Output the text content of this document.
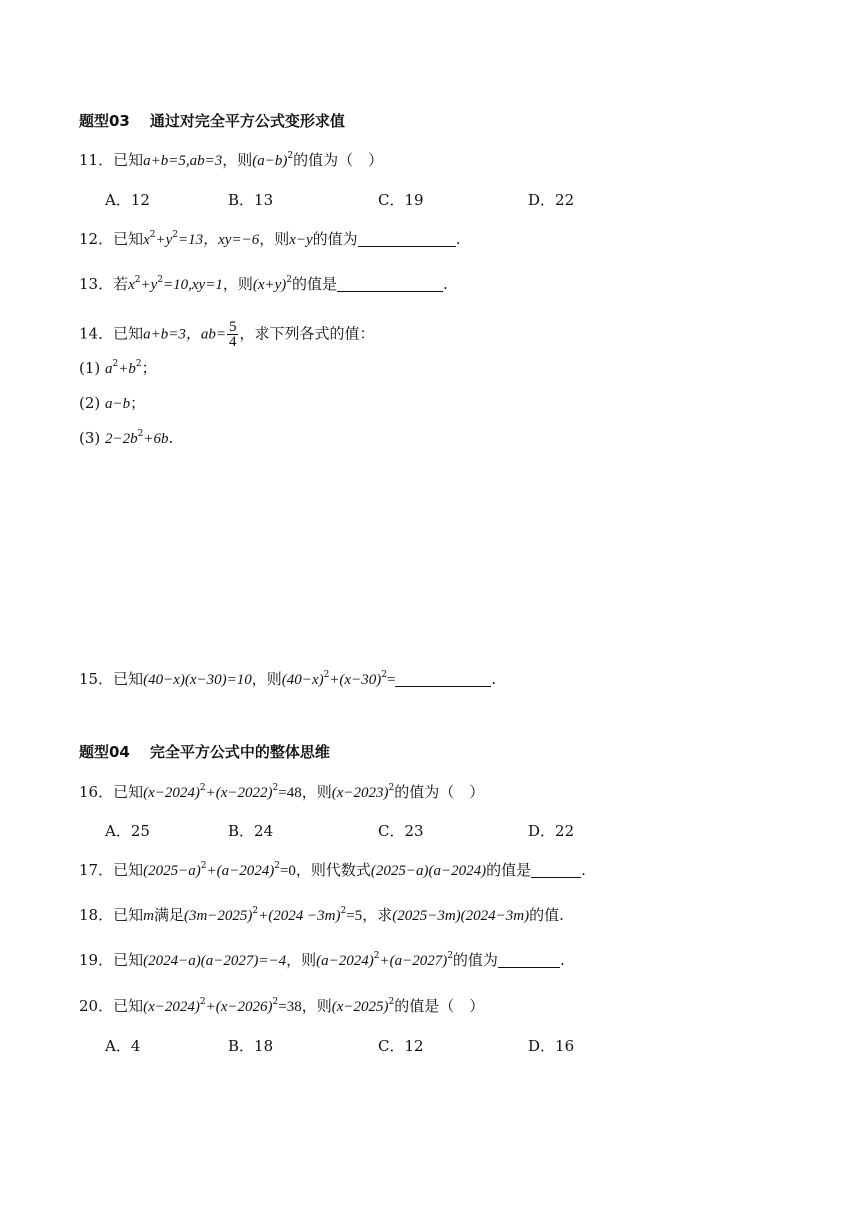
题型03 通过对完全平方公式变形求值
11．已知a+b=5,ab=3，则$(a-b)^2$的值为（　）
A．12	B．13	C．19	D．22
12．已知$x^2+y^2=13$，xy=−6，则x−y的值为	.
13．若$x^2+y^2=10,xy=1$，则$(x+y)^2$的值是	.
14．已知a+b=3，$ab= \frac{5}{4}$ ，求下列各式的值：
(1) $a^2+b^2$；
(2) a−b；
(3) $2-2b^2+6b$.
15．已知(40−x)(x−30)=10，则$(40-x)^2+(x-30)^2=$	.
题型04 完全平方公式中的整体思维
16．已知$(x-2024)^2+(x-2022)^2=48$，则$(x-2023)^2$的值为（　）
A．25	B．24	C．23	D．22
17．已知$(2025-a)^2+(a-2024)^2=0$，则代数式(2025−a)(a−2024)的值是	.
18．已知m满足$(3m-2025)^2+(2024 -3m)^2=5$，求(2025−3m)(2024−3m)的值.
19．已知(2024−a)(a−2027)=−4，则$(a-2024)^2+(a-2027)^2$的值为	.
20．已知$(x-2024)^2+(x-2026)^2=38$，则$(x-2025)^2$的值是（　）
A．4	B．18	C．12	D．16
